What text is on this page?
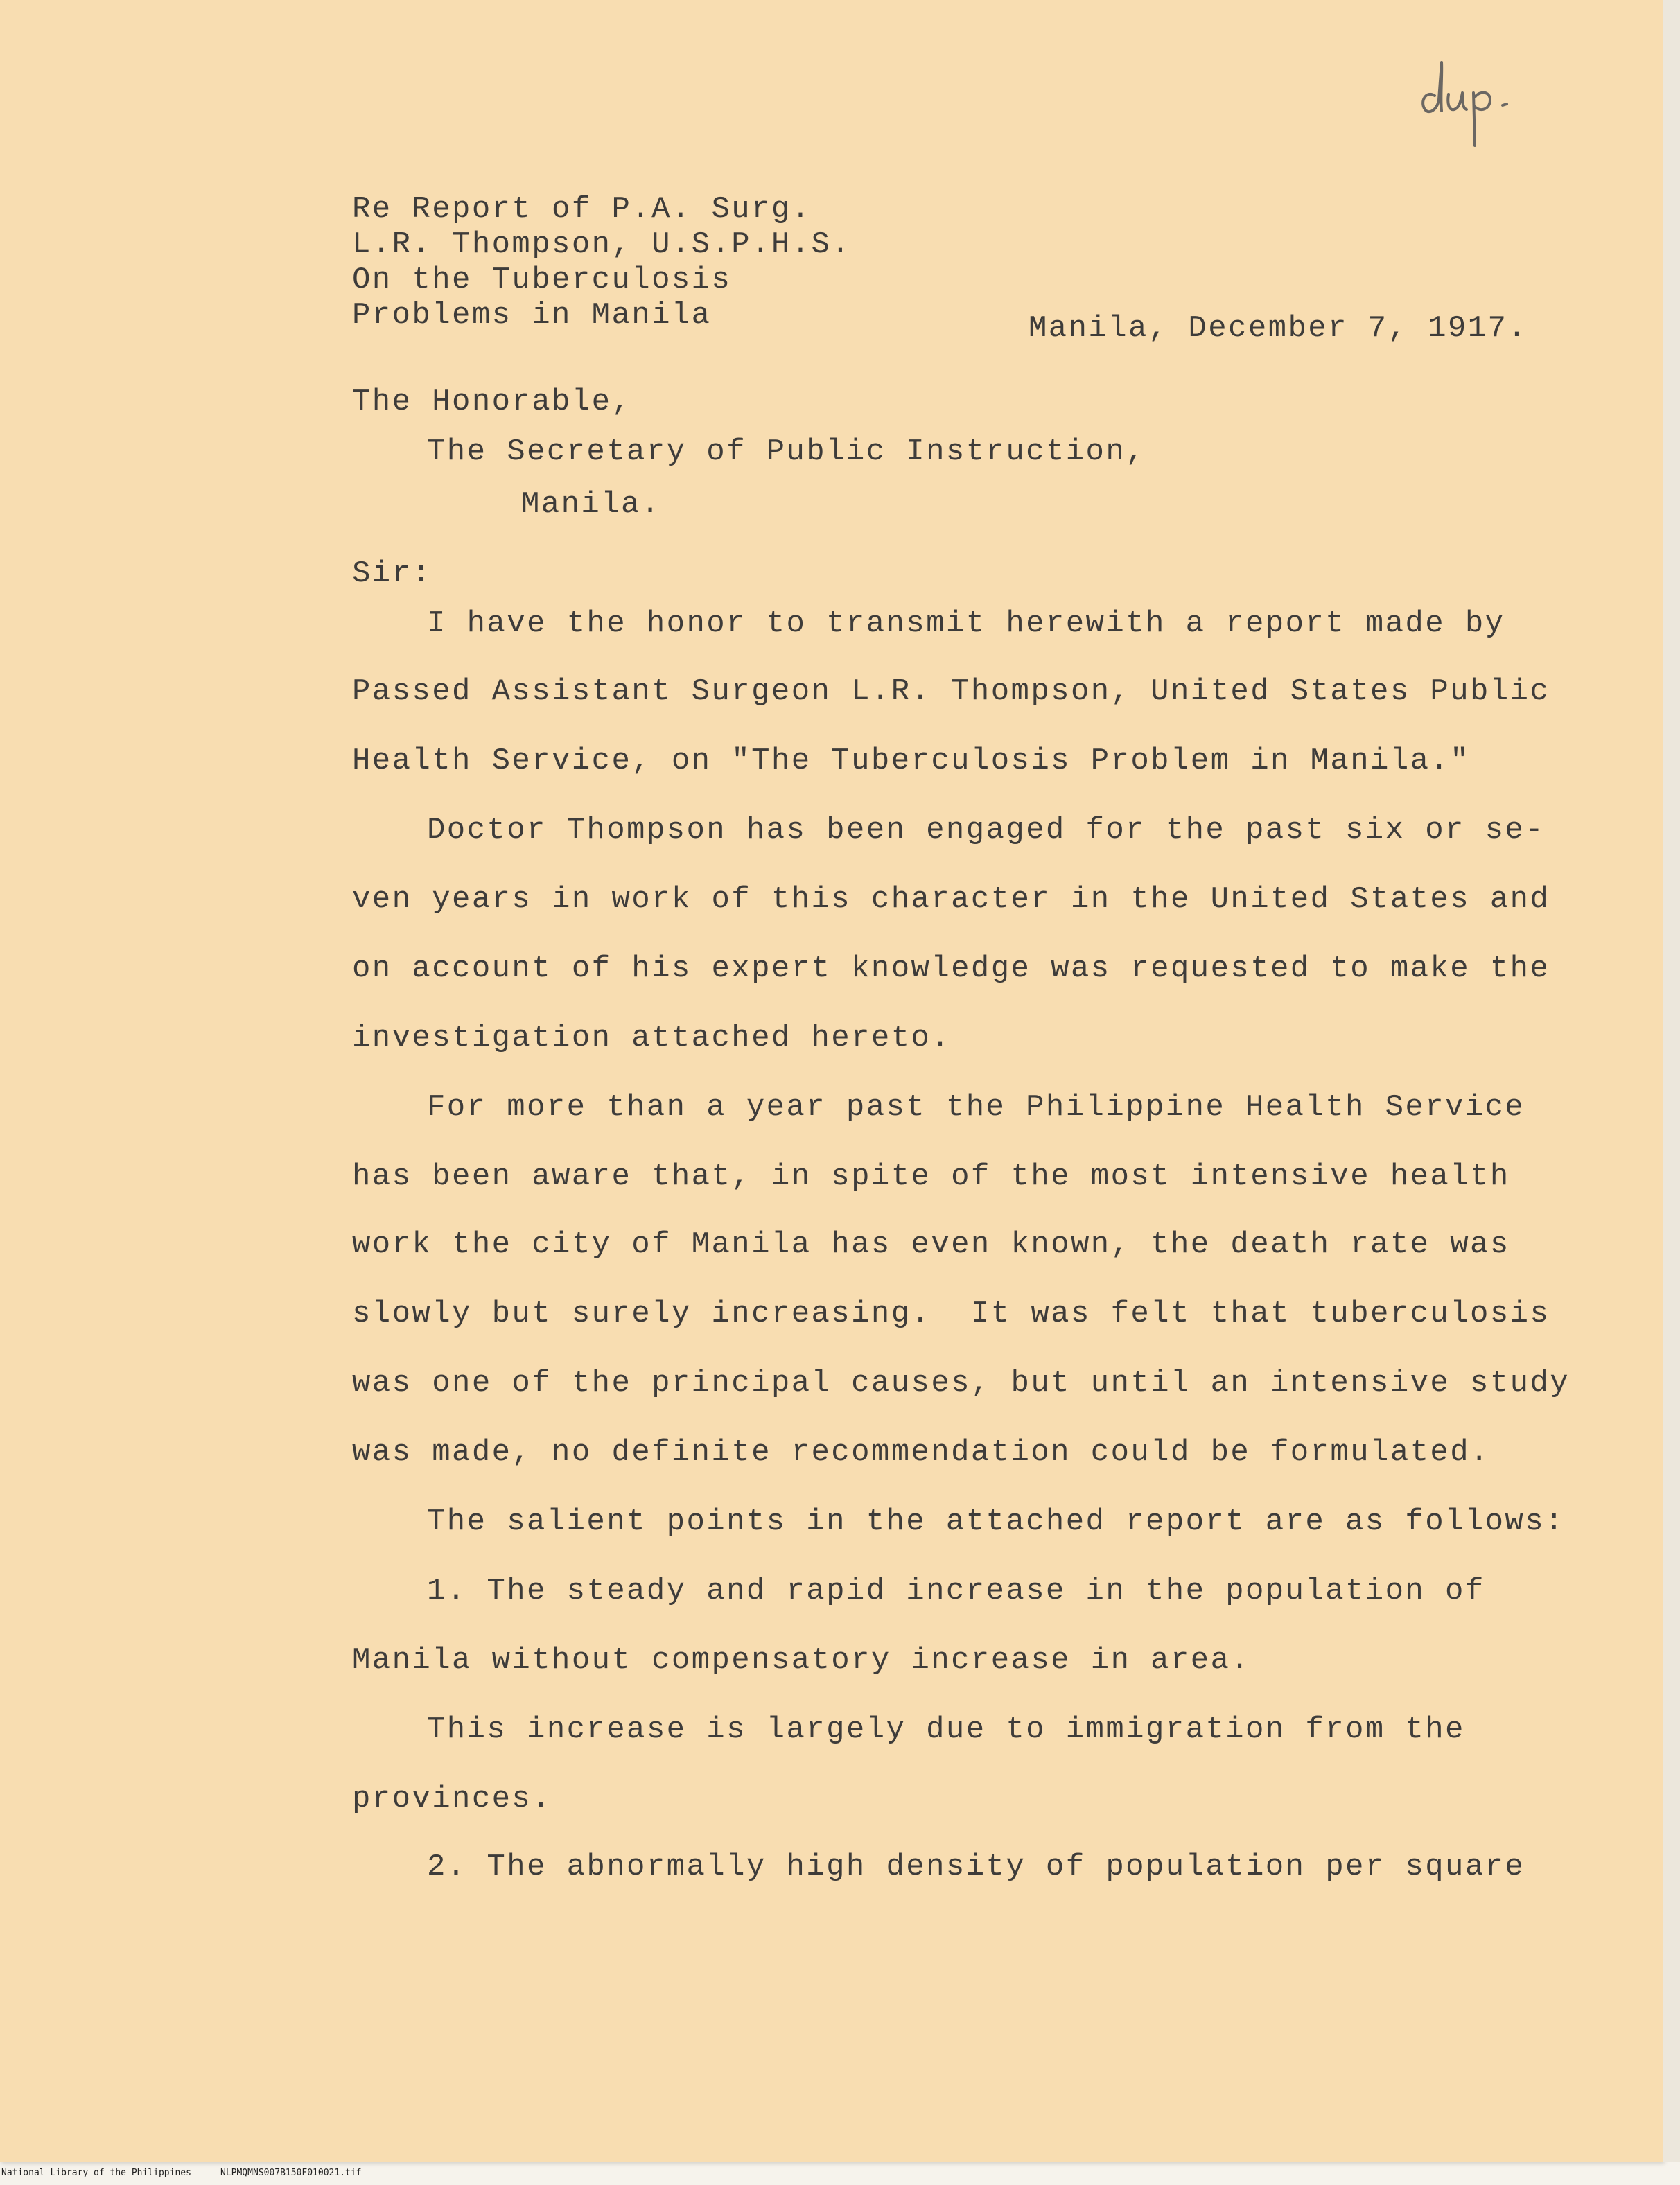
Re Report of P.A. Surg.
L.R. Thompson, U.S.P.H.S.
On the Tuberculosis
Problems in Manila	Manila, December 7, 1917.
The Honorable,
The Secretary of Public Instruction,
Manila.
Sir:
I have the honor to transmit herewith a report made by
Passed Assistant Surgeon L.R. Thompson, United States Public
Health Service, on "The Tuberculosis Problem in Manila."
Doctor Thompson has been engaged for the past six or se-
ven years in work of this character in the United States and
on account of his expert knowledge was requested to make the
investigation attached hereto.
For more than a year past the Philippine Health Service
has been aware that, in spite of the most intensive health
work the city of Manila has even known, the death rate was
slowly but surely increasing.  It was felt that tuberculosis
was one of the principal causes, but until an intensive study
was made, no definite recommendation could be formulated.
The salient points in the attached report are as follows:
1. The steady and rapid increase in the population of
Manila without compensatory increase in area.
This increase is largely due to immigration from the
provinces.
2. The abnormally high density of population per square
National Library of the Philippines	NLPMQMNS007B150F010021.tif
